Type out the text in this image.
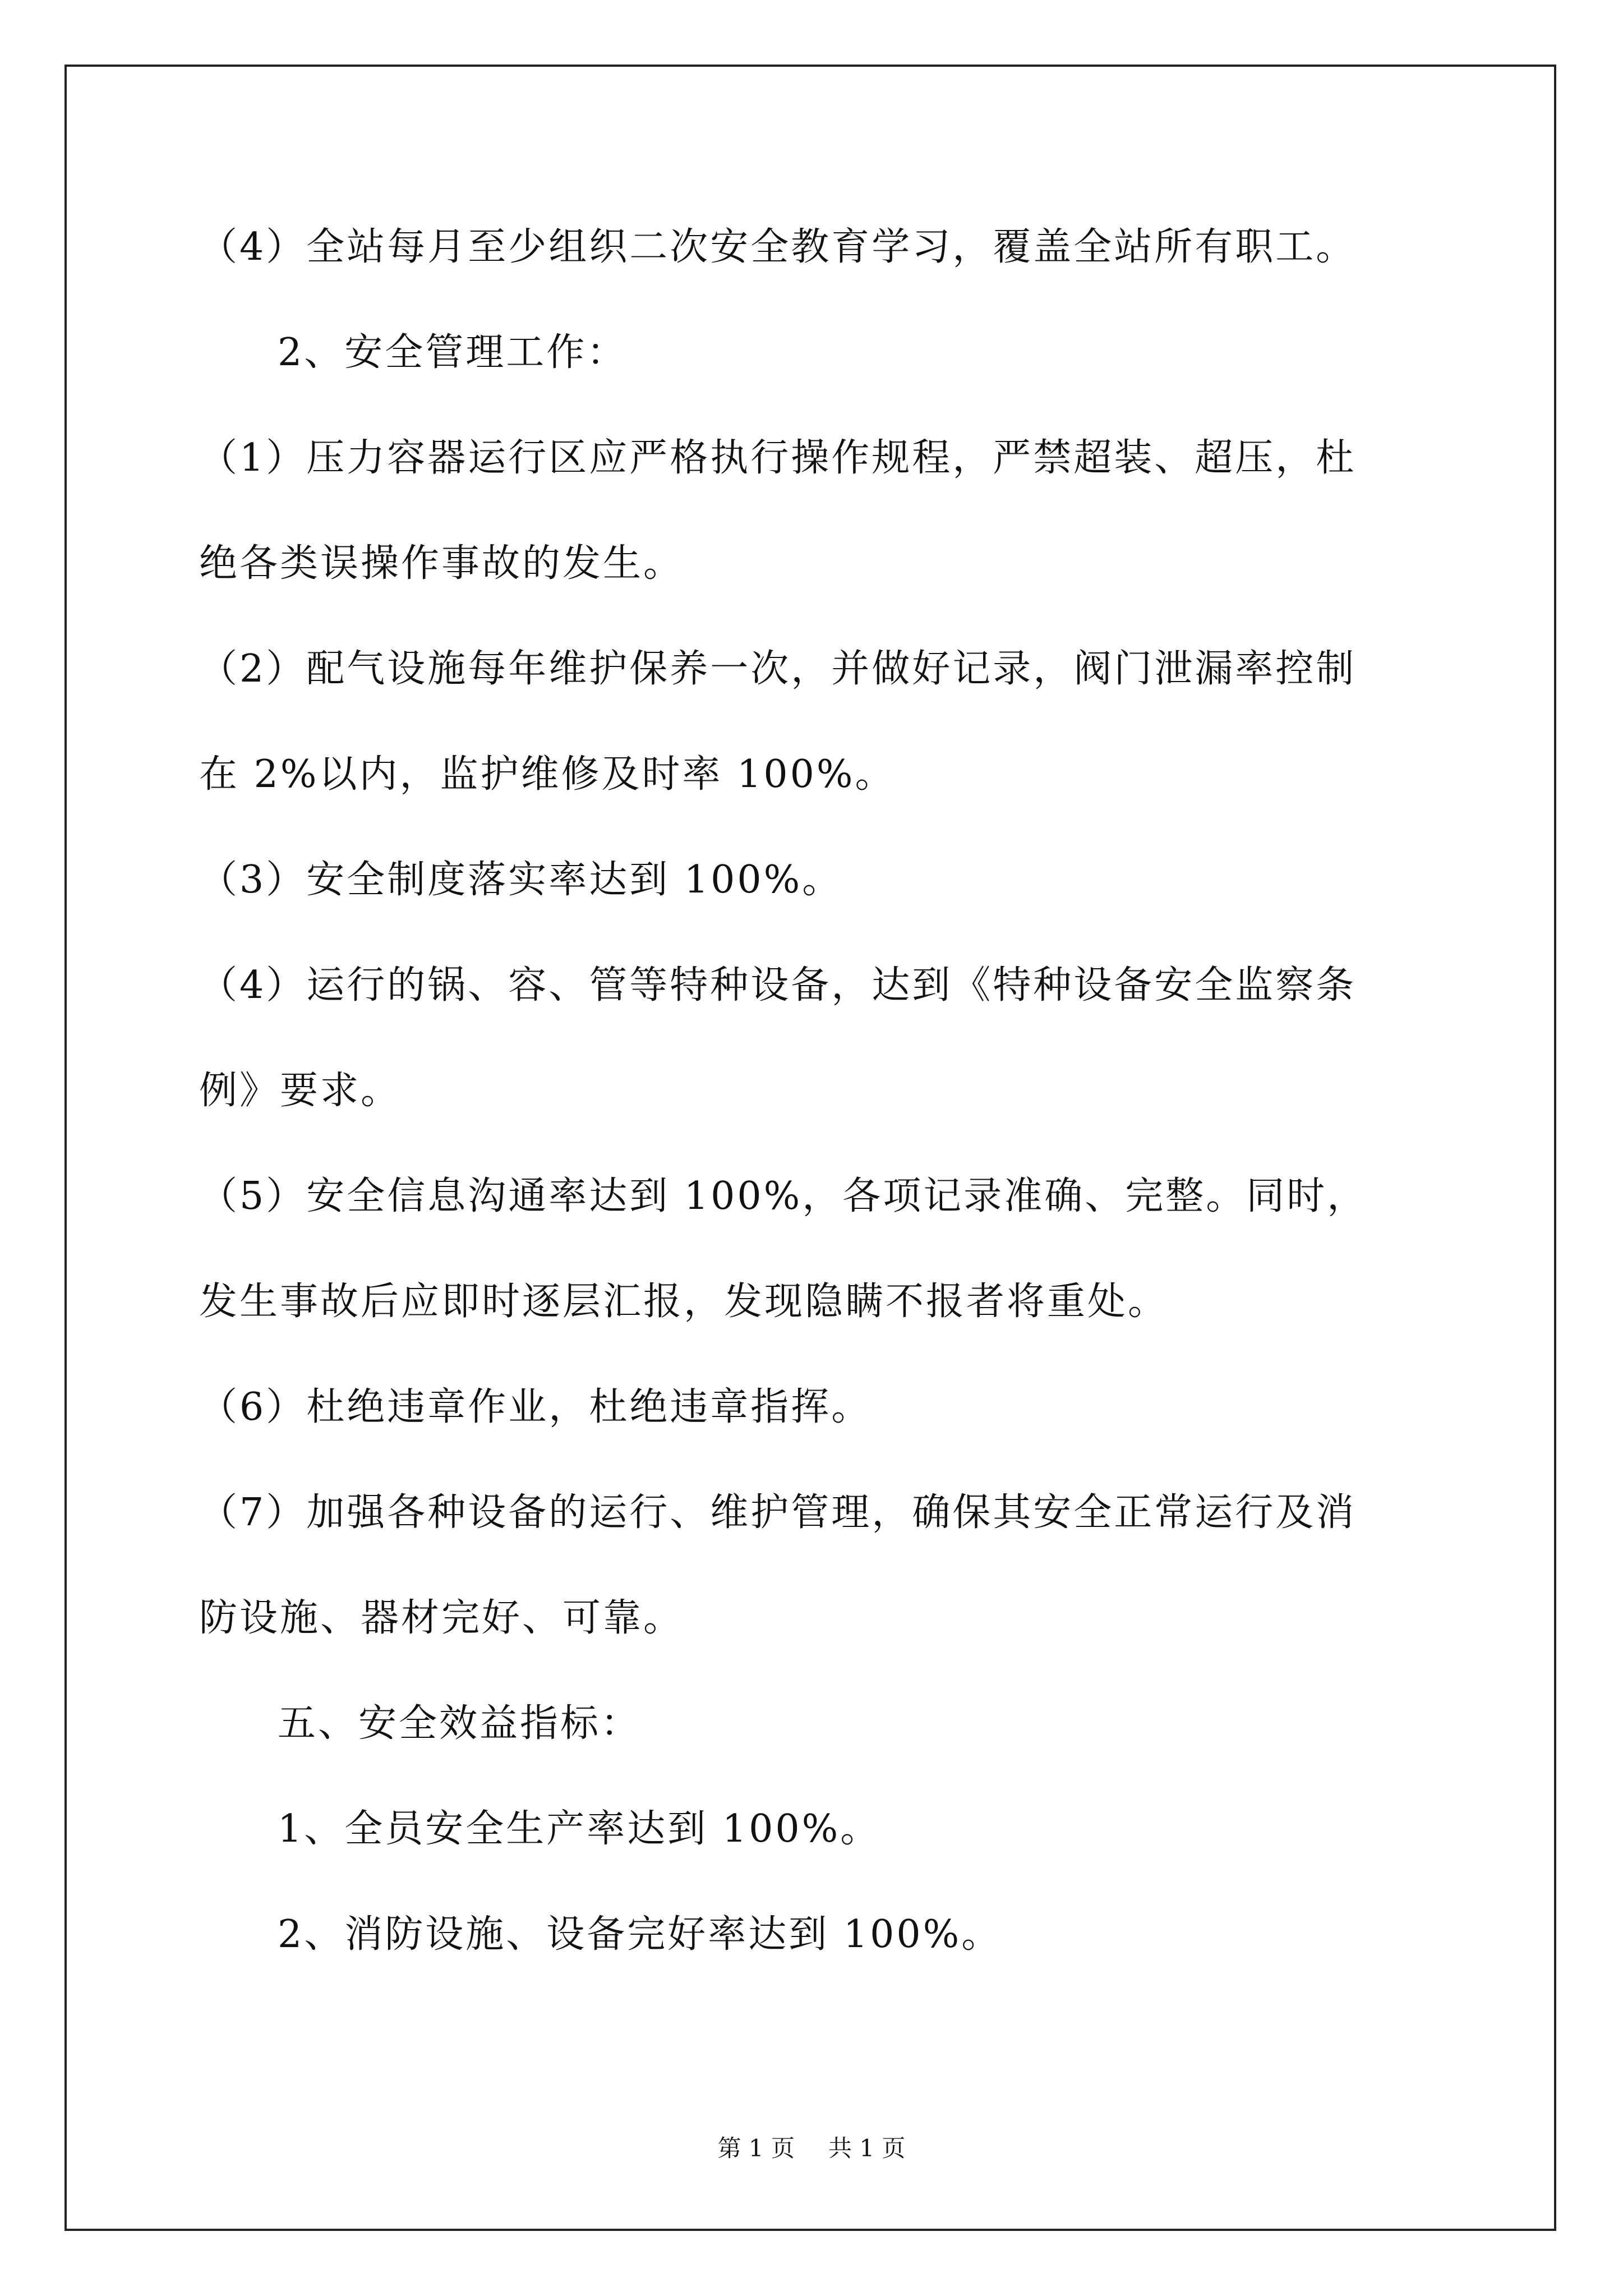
（4）全站每月至少组织二次安全教育学习，覆盖全站所有职工。
2、安全管理工作：
（1）压力容器运行区应严格执行操作规程，严禁超装、超压，杜
绝各类误操作事故的发生。
（2）配气设施每年维护保养一次，并做好记录，阀门泄漏率控制
在 2%以内，监护维修及时率 100%。
（3）安全制度落实率达到 100%。
（4）运行的锅、容、管等特种设备，达到《特种设备安全监察条
例》要求。
（5）安全信息沟通率达到 100%，各项记录准确、完整。同时，
发生事故后应即时逐层汇报，发现隐瞒不报者将重处。
（6）杜绝违章作业，杜绝违章指挥。
（7）加强各种设备的运行、维护管理，确保其安全正常运行及消
防设施、器材完好、可靠。
五、安全效益指标：
1、全员安全生产率达到 100%。
2、消防设施、设备完好率达到 100%。
第 1 页 共 1 页
